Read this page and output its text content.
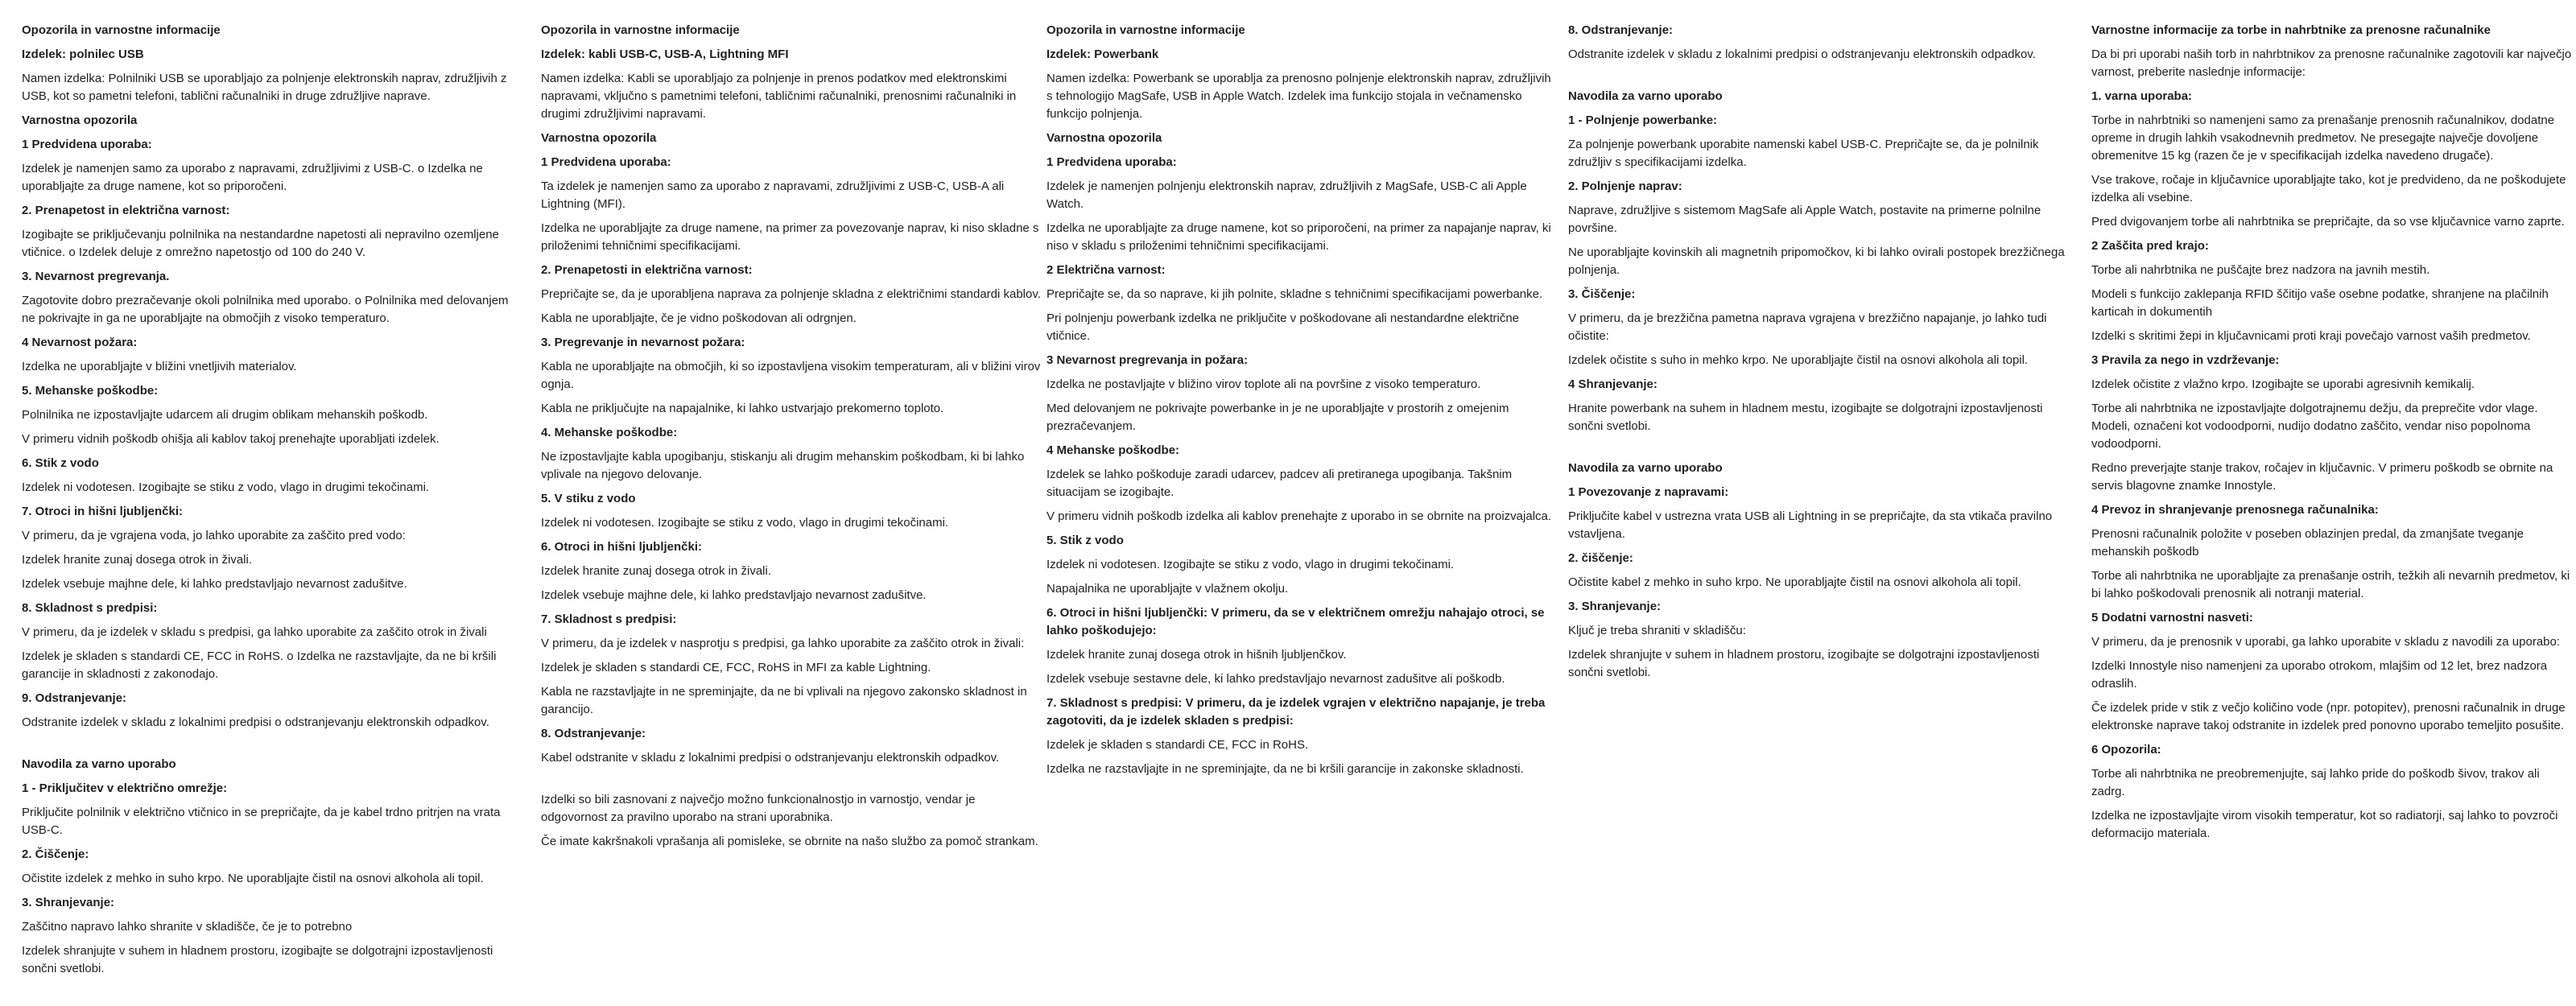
Opozorila in varnostne informacije
Izdelek: polnilec USB

Namen izdelka: Polnilniki USB se uporabljajo za polnjenje elektronskih naprav, združljivih z USB, kot so pametni telefoni, tablični računalniki in druge združljive naprave.

Varnostna opozorila
1 Predvidena uporaba:

Izdelek je namenjen samo za uporabo z napravami, združljivimi z USB-C. o Izdelka ne uporabljajte za druge namene, kot so priporočeni.

2. Prenapetost in električna varnost:

Izogibajte se priključevanju polnilnika na nestandardne napetosti ali nepravilno ozemljene vtičnice. o Izdelek deluje z omrežno napetostjo od 100 do 240 V.

3. Nevarnost pregrevanja.

Zagotovite dobro prezračevanje okoli polnilnika med uporabo. o Polnilnika med delovanjem ne pokrivajte in ga ne uporabljajte na območjih z visoko temperaturo.

4 Nevarnost požara:

Izdelka ne uporabljajte v bližini vnetljivih materialov.

5. Mehanske poškodbe:

Polnilnika ne izpostavljajte udarcem ali drugim oblikam mehanskih poškodb.

V primeru vidnih poškodb ohišja ali kablov takoj prenehajte uporabljati izdelek.

6. Stik z vodo

Izdelek ni vodotesen. Izogibajte se stiku z vodo, vlago in drugimi tekočinami.

7. Otroci in hišni ljubljenčki:

V primeru, da je vgrajena voda, jo lahko uporabite za zaščito pred vodo:

Izdelek hranite zunaj dosega otrok in živali.

Izdelek vsebuje majhne dele, ki lahko predstavljajo nevarnost zadušitve.

8. Skladnost s predpisi:

V primeru, da je izdelek v skladu s predpisi, ga lahko uporabite za zaščito otrok in živali

Izdelek je skladen s standardi CE, FCC in RoHS. o Izdelka ne razstavljajte, da ne bi kršili garancije in skladnosti z zakonodajo.

9. Odstranjevanje:

Odstranite izdelek v skladu z lokalnimi predpisi o odstranjevanju elektronskih odpadkov.

Navodila za varno uporabo
1 - Priključitev v električno omrežje:

Priključite polnilnik v električno vtičnico in se prepričajte, da je kabel trdno pritrjen na vrata USB-C.

2. Čiščenje:

Očistite izdelek z mehko in suho krpo. Ne uporabljajte čistil na osnovi alkohola ali topil.

3. Shranjevanje:

Zaščitno napravo lahko shranite v skladišče, če je to potrebno

Izdelek shranjujte v suhem in hladnem prostoru, izogibajte se dolgotrajni izpostavljenosti sončni svetlobi.

Opozorila in varnostne informacije
Izdelek: kabli USB-C, USB-A, Lightning MFI

Namen izdelka: Kabli se uporabljajo za polnjenje in prenos podatkov med elektronskimi napravami, vključno s pametnimi telefoni, tabličnimi računalniki, prenosnimi računalniki in drugimi združljivimi napravami.

Varnostna opozorila
1 Predvidena uporaba:

Ta izdelek je namenjen samo za uporabo z napravami, združljivimi z USB-C, USB-A ali Lightning (MFI).

Izdelka ne uporabljajte za druge namene, na primer za povezovanje naprav, ki niso skladne s priloženimi tehničnimi specifikacijami.

2. Prenapetosti in električna varnost:

Prepričajte se, da je uporabljena naprava za polnjenje skladna z električnimi standardi kablov.

Kabla ne uporabljajte, če je vidno poškodovan ali odrgnjen.

3. Pregrevanje in nevarnost požara:

Kabla ne uporabljajte na območjih, ki so izpostavljena visokim temperaturam, ali v bližini virov ognja.

Kabla ne priključujte na napajalnike, ki lahko ustvarjajo prekomerno toploto.

4. Mehanske poškodbe:

Ne izpostavljajte kabla upogibanju, stiskanju ali drugim mehanskim poškodbam, ki bi lahko vplivale na njegovo delovanje.

5. V stiku z vodo

Izdelek ni vodotesen. Izogibajte se stiku z vodo, vlago in drugimi tekočinami.

6. Otroci in hišni ljubljenčki:

Izdelek hranite zunaj dosega otrok in živali.

Izdelek vsebuje majhne dele, ki lahko predstavljajo nevarnost zadušitve.

7. Skladnost s predpisi:

V primeru, da je izdelek v nasprotju s predpisi, ga lahko uporabite za zaščito otrok in živali:

Izdelek je skladen s standardi CE, FCC, RoHS in MFI za kable Lightning.

Kabla ne razstavljajte in ne spreminjajte, da ne bi vplivali na njegovo zakonsko skladnost in garancijo.

8. Odstranjevanje:

Kabel odstranite v skladu z lokalnimi predpisi o odstranjevanju elektronskih odpadkov.

Izdelki so bili zasnovani z največjo možno funkcionalnostjo in varnostjo, vendar je odgovornost za pravilno uporabo na strani uporabnika.

Če imate kakršnakoli vprašanja ali pomisleke, se obrnite na našo službo za pomoč strankam.

Opozorila in varnostne informacije
Izdelek: Powerbank

Namen izdelka: Powerbank se uporablja za prenosno polnjenje elektronskih naprav, združljivih s tehnologijo MagSafe, USB in Apple Watch. Izdelek ima funkcijo stojala in večnamensko funkcijo polnjenja.

Varnostna opozorila
1 Predvidena uporaba:

Izdelek je namenjen polnjenju elektronskih naprav, združljivih z MagSafe, USB-C ali Apple Watch.

Izdelka ne uporabljajte za druge namene, kot so priporočeni, na primer za napajanje naprav, ki niso v skladu s priloženimi tehničnimi specifikacijami.

2 Električna varnost:

Prepričajte se, da so naprave, ki jih polnite, skladne s tehničnimi specifikacijami powerbanke.

Pri polnjenju powerbank izdelka ne priključite v poškodovane ali nestandardne električne vtičnice.

3 Nevarnost pregrevanja in požara:

Izdelka ne postavljajte v bližino virov toplote ali na površine z visoko temperaturo.

Med delovanjem ne pokrivajte powerbanke in je ne uporabljajte v prostorih z omejenim prezračevanjem.

4 Mehanske poškodbe:

Izdelek se lahko poškoduje zaradi udarcev, padcev ali pretiranega upogibanja. Takšnim situacijam se izogibajte.

V primeru vidnih poškodb izdelka ali kablov prenehajte z uporabo in se obrnite na proizvajalca.

5. Stik z vodo

Izdelek ni vodotesen. Izogibajte se stiku z vodo, vlago in drugimi tekočinami.

Napajalnika ne uporabljajte v vlažnem okolju.

6. Otroci in hišni ljubljenčki: V primeru, da se v električnem omrežju nahajajo otroci, se lahko poškodujejo:

Izdelek hranite zunaj dosega otrok in hišnih ljubljenčkov.

Izdelek vsebuje sestavne dele, ki lahko predstavljajo nevarnost zadušitve ali poškodb.

7. Skladnost s predpisi: V primeru, da je izdelek vgrajen v električno napajanje, je treba zagotoviti, da je izdelek skladen s predpisi:

Izdelek je skladen s standardi CE, FCC in RoHS.

Izdelka ne razstavljajte in ne spreminjajte, da ne bi kršili garancije in zakonske skladnosti.

8. Odstranjevanje:

Odstranite izdelek v skladu z lokalnimi predpisi o odstranjevanju elektronskih odpadkov.

Navodila za varno uporabo
1 - Polnjenje powerbanke:

Za polnjenje powerbank uporabite namenski kabel USB-C. Prepričajte se, da je polnilnik združljiv s specifikacijami izdelka.

2. Polnjenje naprav:

Naprave, združljive s sistemom MagSafe ali Apple Watch, postavite na primerne polnilne površine.

Ne uporabljajte kovinskih ali magnetnih pripomočkov, ki bi lahko ovirali postopek brezžičnega polnjenja.

3. Čiščenje:

V primeru, da je brezžična pametna naprava vgrajena v brezžično napajanje, jo lahko tudi očistite:

Izdelek očistite s suho in mehko krpo. Ne uporabljajte čistil na osnovi alkohola ali topil.

4 Shranjevanje:

Hranite powerbank na suhem in hladnem mestu, izogibajte se dolgotrajni izpostavljenosti sončni svetlobi.

Navodila za varno uporabo
1 Povezovanje z napravami:

Priključite kabel v ustrezna vrata USB ali Lightning in se prepričajte, da sta vtikača pravilno vstavljena.

2. čiščenje:

Očistite kabel z mehko in suho krpo. Ne uporabljajte čistil na osnovi alkohola ali topil.

3. Shranjevanje:

Ključ je treba shraniti v skladišču:

Izdelek shranjujte v suhem in hladnem prostoru, izogibajte se dolgotrajni izpostavljenosti sončni svetlobi.

Varnostne informacije za torbe in nahrbtnike za prenosne računalnike

Da bi pri uporabi naših torb in nahrbtnikov za prenosne računalnike zagotovili kar največjo varnost, preberite naslednje informacije:

1. varna uporaba:

Torbe in nahrbtniki so namenjeni samo za prenašanje prenosnih računalnikov, dodatne opreme in drugih lahkih vsakodnevnih predmetov. Ne presegajte največje dovoljene obremenitve 15 kg (razen če je v specifikacijah izdelka navedeno drugače).

Vse trakove, ročaje in ključavnice uporabljajte tako, kot je predvideno, da ne poškodujete izdelka ali vsebine.

Pred dvigovanjem torbe ali nahrbtnika se prepričajte, da so vse ključavnice varno zaprte.

2 Zaščita pred krajo:

Torbe ali nahrbtnika ne puščajte brez nadzora na javnih mestih.

Modeli s funkcijo zaklepanja RFID ščitijo vaše osebne podatke, shranjene na plačilnih karticah in dokumentih

Izdelki s skritimi žepi in ključavnicami proti kraji povečajo varnost vaših predmetov.

3 Pravila za nego in vzdrževanje:

Izdelek očistite z vlažno krpo. Izogibajte se uporabi agresivnih kemikalij.

Torbe ali nahrbtnika ne izpostavljajte dolgotrajnemu dežju, da preprečite vdor vlage. Modeli, označeni kot vodoodporni, nudijo dodatno zaščito, vendar niso popolnoma vodoodporni.

Redno preverjajte stanje trakov, ročajev in ključavnic. V primeru poškodb se obrnite na servis blagovne znamke Innostyle.

4 Prevoz in shranjevanje prenosnega računalnika:

Prenosni računalnik položite v poseben oblazinjen predal, da zmanjšate tveganje mehanskih poškodb

Torbe ali nahrbtnika ne uporabljajte za prenašanje ostrih, težkih ali nevarnih predmetov, ki bi lahko poškodovali prenosnik ali notranji material.

5 Dodatni varnostni nasveti:

V primeru, da je prenosnik v uporabi, ga lahko uporabite v skladu z navodili za uporabo:

Izdelki Innostyle niso namenjeni za uporabo otrokom, mlajšim od 12 let, brez nadzora odraslih.

Če izdelek pride v stik z večjo količino vode (npr. potopitev), prenosni računalnik in druge elektronske naprave takoj odstranite in izdelek pred ponovno uporabo temeljito posušite.

6 Opozorila:

Torbe ali nahrbtnika ne preobremenjujte, saj lahko pride do poškodb šivov, trakov ali zadrg.

Izdelka ne izpostavljajte virom visokih temperatur, kot so radiatorji, saj lahko to povzroči deformacijo materiala.
